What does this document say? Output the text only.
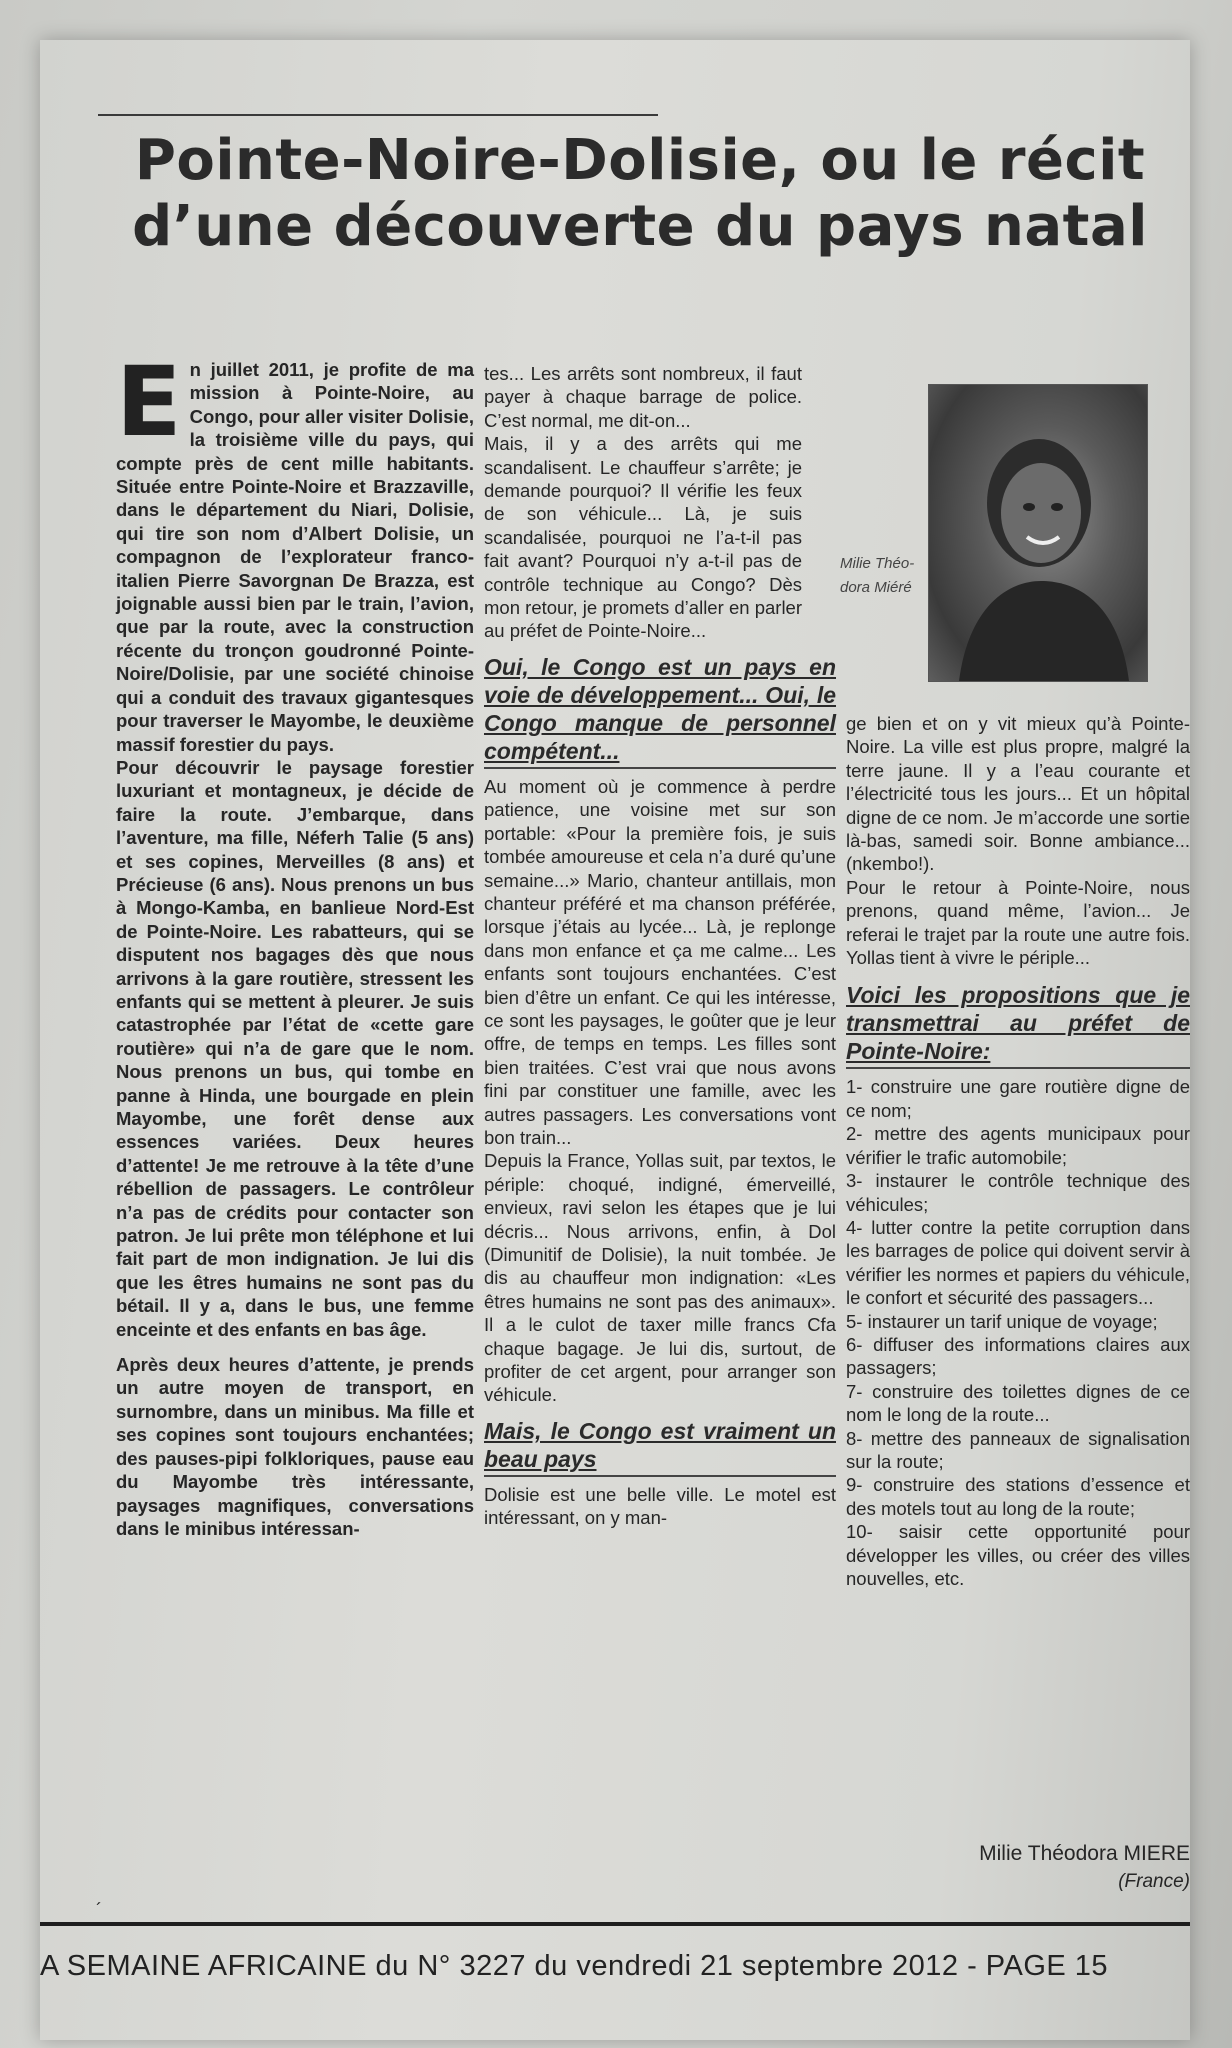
Pointe-Noire-Dolisie, ou le récit d’une découverte du pays natal

En juillet 2011, je profite de ma mission à Pointe-Noire, au Congo, pour aller visiter Dolisie, la troisième ville du pays, qui compte près de cent mille habitants. Située entre Pointe-Noire et Brazzaville, dans le département du Niari, Dolisie, qui tire son nom d’Albert Dolisie, un compagnon de l’explorateur franco-italien Pierre Savorgnan De Brazza, est joignable aussi bien par le train, l’avion, que par la route, avec la construction récente du tronçon goudronné Pointe-Noire/Dolisie, par une société chinoise qui a conduit des travaux gigantesques pour traverser le Mayombe, le deuxième massif forestier du pays.

Pour découvrir le paysage forestier luxuriant et montagneux, je décide de faire la route. J’embarque, dans l’aventure, ma fille, Néferh Talie (5 ans) et ses copines, Merveilles (8 ans) et Précieuse (6 ans). Nous prenons un bus à Mongo-Kamba, en banlieue Nord-Est de Pointe-Noire. Les rabatteurs, qui se disputent nos bagages dès que nous arrivons à la gare routière, stressent les enfants qui se mettent à pleurer. Je suis catastrophée par l’état de «cette gare routière» qui n’a de gare que le nom. Nous prenons un bus, qui tombe en panne à Hinda, une bourgade en plein Mayombe, une forêt dense aux essences variées. Deux heures d’attente! Je me retrouve à la tête d’une rébellion de passagers. Le contrôleur n’a pas de crédits pour contacter son patron. Je lui prête mon téléphone et lui fait part de mon indignation. Je lui dis que les êtres humains ne sont pas du bétail. Il y a, dans le bus, une femme enceinte et des enfants en bas âge.

Après deux heures d’attente, je prends un autre moyen de transport, en surnombre, dans un minibus. Ma fille et ses copines sont toujours enchantées; des pauses-pipi folkloriques, pause eau du Mayombe très intéressante, paysages magnifiques, conversations dans le minibus intéressan-

tes... Les arrêts sont nombreux, il faut payer à chaque barrage de police. C’est normal, me dit-on...

Mais, il y a des arrêts qui me scandalisent. Le chauffeur s’arrête; je demande pourquoi? Il vérifie les feux de son véhicule... Là, je suis scandalisée, pourquoi ne l’a-t-il pas fait avant? Pourquoi n’y a-t-il pas de contrôle technique au Congo? Dès mon retour, je promets d’aller en parler au préfet de Pointe-Noire...

Oui, le Congo est un pays en voie de développement... Oui, le Congo manque de personnel compétent...

Au moment où je commence à perdre patience, une voisine met sur son portable: «Pour la première fois, je suis tombée amoureuse et cela n’a duré qu’une semaine...» Mario, chanteur antillais, mon chanteur préféré et ma chanson préférée, lorsque j’étais au lycée... Là, je replonge dans mon enfance et ça me calme... Les enfants sont toujours enchantées. C’est bien d’être un enfant. Ce qui les intéresse, ce sont les paysages, le goûter que je leur offre, de temps en temps. Les filles sont bien traitées. C’est vrai que nous avons fini par constituer une famille, avec les autres passagers. Les conversations vont bon train...

Depuis la France, Yollas suit, par textos, le périple: choqué, indigné, émerveillé, envieux, ravi selon les étapes que je lui décris... Nous arrivons, enfin, à Dol (Dimunitif de Dolisie), la nuit tombée. Je dis au chauffeur mon indignation: «Les êtres humains ne sont pas des animaux». Il a le culot de taxer mille francs Cfa chaque bagage. Je lui dis, surtout, de profiter de cet argent, pour arranger son véhicule.

Mais, le Congo est vraiment un beau pays

Dolisie est une belle ville. Le motel est intéressant, on y man-

Milie Théo-dora Miéré

ge bien et on y vit mieux qu’à Pointe-Noire. La ville est plus propre, malgré la terre jaune. Il y a l’eau courante et l’électricité tous les jours... Et un hôpital digne de ce nom. Je m’accorde une sortie là-bas, samedi soir. Bonne ambiance... (nkembo!).

Pour le retour à Pointe-Noire, nous prenons, quand même, l’avion... Je referai le trajet par la route une autre fois. Yollas tient à vivre le périple...

Voici les propositions que je transmettrai au préfet de Pointe-Noire:

1- construire une gare routière digne de ce nom;

2- mettre des agents municipaux pour vérifier le trafic automobile;

3- instaurer le contrôle technique des véhicules;

4- lutter contre la petite corruption dans les barrages de police qui doivent servir à vérifier les normes et papiers du véhicule, le confort et sécurité des passagers...

5- instaurer un tarif unique de voyage;

6- diffuser des informations claires aux passagers;

7- construire des toilettes dignes de ce nom le long de la route...

8- mettre des panneaux de signalisation sur la route;

9- construire des stations d’essence et des motels tout au long de la route;

10- saisir cette opportunité pour développer les villes, ou créer des villes nouvelles, etc.

Milie Théodora MIERE
(France)
´
A SEMAINE AFRICAINE du N° 3227 du vendredi 21 septembre 2012 - PAGE 15
